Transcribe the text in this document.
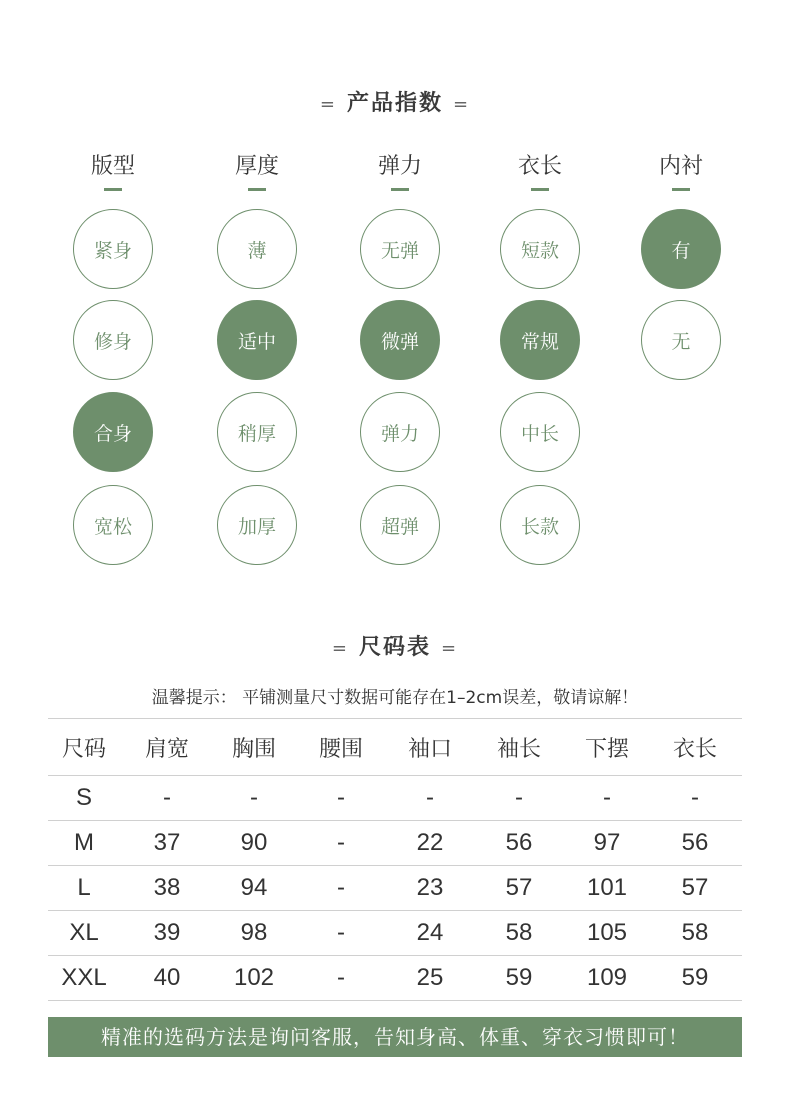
= 产品指数 =
版型
紧身
修身
合身
宽松
厚度
薄
适中
稍厚
加厚
弹力
无弹
微弹
弹力
超弹
衣长
短款
常规
中长
长款
内衬
有
无
= 尺码表 =
温馨提示： 平铺测量尺寸数据可能存在1–2cm误差，敬请谅解！
尺码	肩宽	胸围	腰围	袖口	袖长	下摆	衣长
S	-	-	-	-	-	-	-
M	37	90	-	22	56	97	56
L	38	94	-	23	57	101	57
XL	39	98	-	24	58	105	58
XXL	40	102	-	25	59	109	59
精准的选码方法是询问客服，告知身高、体重、穿衣习惯即可！
